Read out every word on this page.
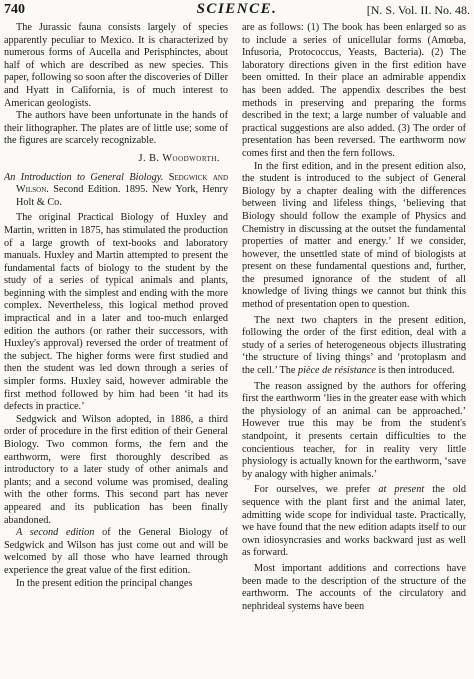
740	SCIENCE.	[N. S. Vol. II. No. 48.

The Jurassic fauna consists largely of species apparently peculiar to Mexico. It is characterized by numerous forms of Aucella and Perisphinctes, about half of which are described as new species. This paper, following so soon after the discoveries of Diller and Hyatt in California, is of much interest to American geologists.

The authors have been unfortunate in the hands of their lithographer. The plates are of little use; some of the figures are scarcely recognizable.

J. B. Woodworth.

An Introduction to General Biology. Sedgwick and Wilson. Second Edition. 1895. New York, Henry Holt & Co.

The original Practical Biology of Huxley and Martin, written in 1875, has stimulated the production of a large growth of text-books and laboratory manuals. Huxley and Martin attempted to present the fundamental facts of biology to the student by the study of a series of typical animals and plants, beginning with the simplest and ending with the more complex. Nevertheless, this logical method proved impractical and in a later and too-much enlarged edition the authors (or rather their successors, with Huxley's approval) reversed the order of treatment of the subject. The higher forms were first studied and then the student was led down through a series of simpler forms. Huxley said, however admirable the first method followed by him had been ‘it had its defects in practice.’

Sedgwick and Wilson adopted, in 1886, a third order of procedure in the first edition of their General Biology. Two common forms, the fern and the earthworm, were first thoroughly described as introductory to a later study of other animals and plants; and a second volume was promised, dealing with the other forms. This second part has never appeared and its publication has been finally abandoned.

A second edition of the General Biology of Sedgwick and Wilson has just come out and will be welcomed by all those who have learned through experience the great value of the first edition.

In the present edition the principal changes

are as follows: (1) The book has been enlarged so as to include a series of unicellular forms (Amœba, Infusoria, Protococcus, Yeasts, Bacteria). (2) The laboratory directions given in the first edition have been omitted. In their place an admirable appendix has been added. The appendix describes the best methods in preserving and preparing the forms described in the text; a large number of valuable and practical suggestions are also added. (3) The order of presentation has been reversed. The earthworm now comes first and then the fern follows.

In the first edition, and in the present edition also, the student is introduced to the subject of General Biology by a chapter dealing with the differences between living and lifeless things, ‘believing that Biology should follow the example of Physics and Chemistry in discussing at the outset the fundamental properties of matter and energy.’ If we consider, however, the unsettled state of mind of biologists at present on these fundamental questions and, further, the presumed ignorance of the student of all knowledge of living things we cannot but think this method of presentation open to question.

The next two chapters in the present edition, following the order of the first edition, deal with a study of a series of heterogeneous objects illustrating ‘the structure of living things’ and ‘protoplasm and the cell.’ The pièce de résistance is then introduced.

The reason assigned by the authors for offering first the earthworm ‘lies in the greater ease with which the physiology of an animal can be approached.’ However true this may be from the student's standpoint, it presents certain difficulties to the concientious teacher, for in reality very little physiology is actually known for the earthworm, ‘save by analogy with higher animals.’

For ourselves, we prefer at present the old sequence with the plant first and the animal later, admitting wide scope for individual taste. Practically, we have found that the new edition adapts itself to our own idiosyncrasies and works backward just as well as forward.

Most important additions and corrections have been made to the description of the structure of the earthworm. The accounts of the circulatory and nephrideal systems have been
